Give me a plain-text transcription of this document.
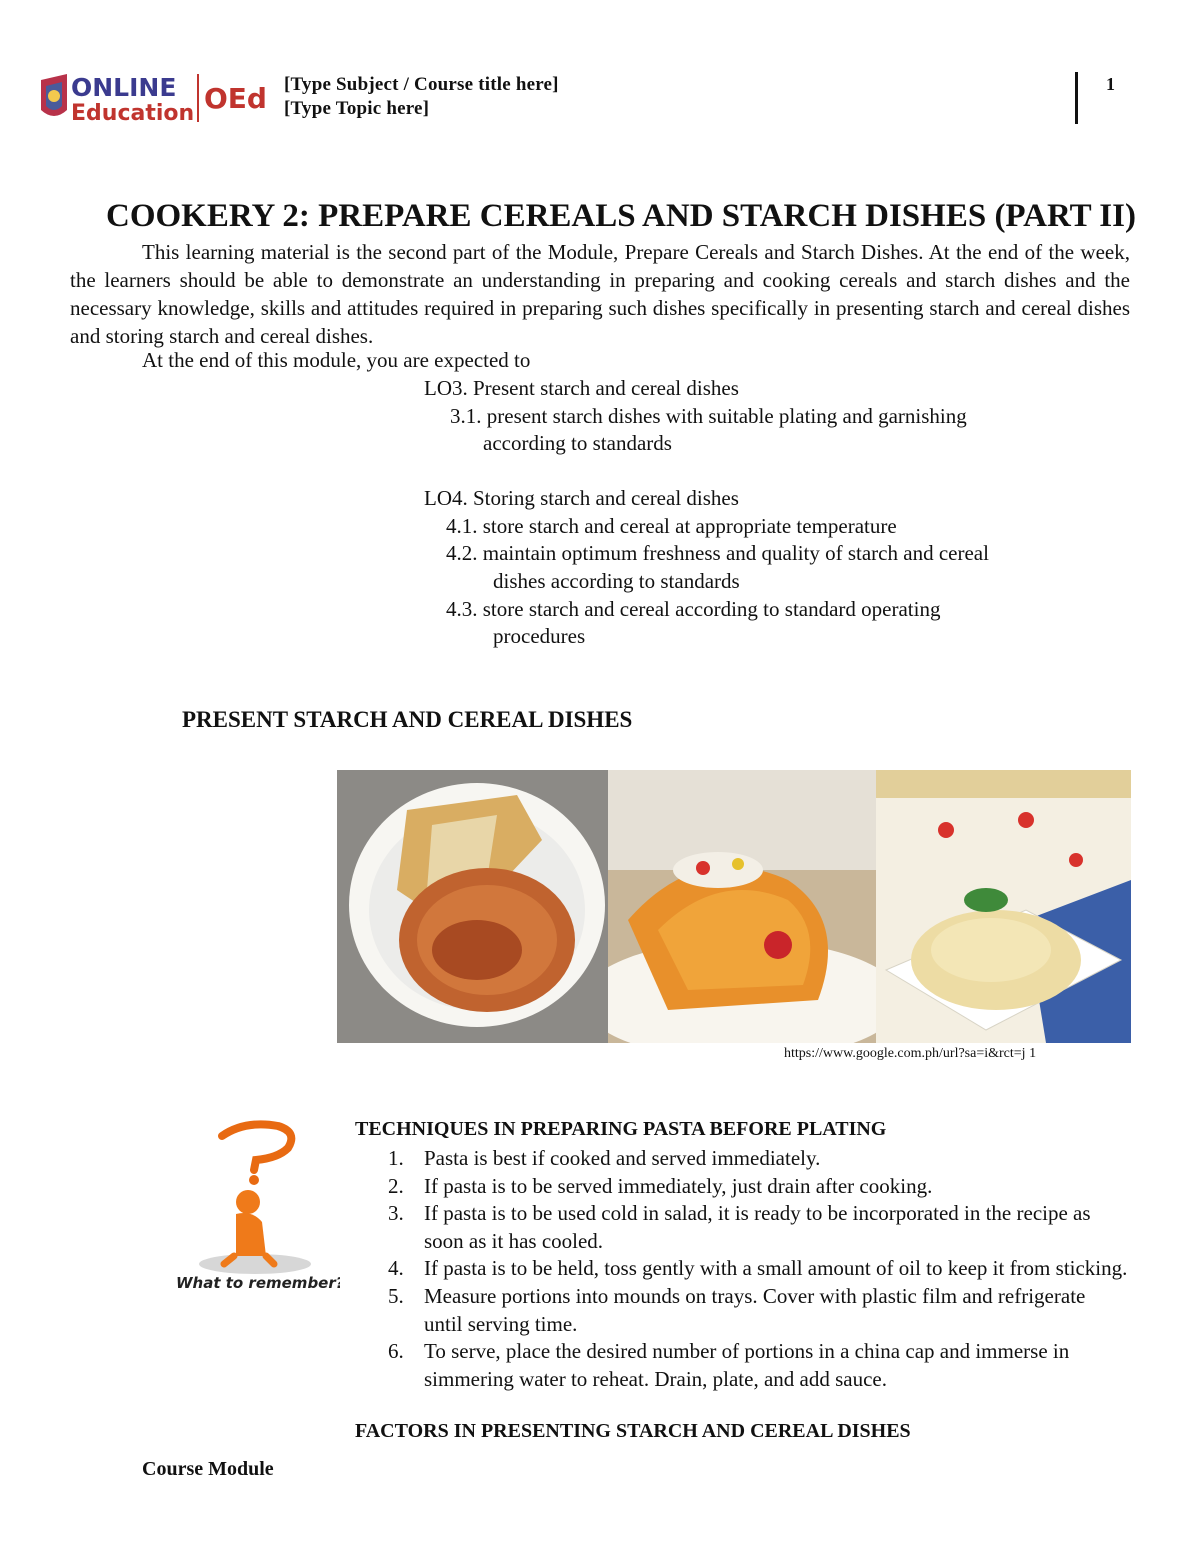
ONLINE
Education OEd [Type Subject / Course title here]
[Type Topic here]
1
COOKERY 2: PREPARE CEREALS AND STARCH DISHES (PART II)
This learning material is the second part of the Module, Prepare Cereals and Starch Dishes. At the end of the week, the learners should be able to demonstrate an understanding in preparing and cooking cereals and starch dishes and the necessary knowledge, skills and attitudes required in preparing such dishes specifically in presenting starch and cereal dishes and storing starch and cereal dishes.
At the end of this module, you are expected to
LO3. Present starch and cereal dishes
3.1. present starch dishes with suitable plating and garnishing
according to standards
LO4. Storing starch and cereal dishes
4.1. store starch and cereal at appropriate temperature
4.2. maintain optimum freshness and quality of starch and cereal
dishes according to standards
4.3. store starch and cereal according to standard operating
procedures
PRESENT STARCH AND CEREAL DISHES
https://www.google.com.ph/url?sa=i&rct=j 1
What to remember?
TECHNIQUES IN PREPARING PASTA BEFORE PLATING
1. Pasta is best if cooked and served immediately.
2. If pasta is to be served immediately, just drain after cooking.
3. If pasta is to be used cold in salad, it is ready to be incorporated in the recipe as soon as it has cooled.
4. If pasta is to be held, toss gently with a small amount of oil to keep it from sticking.
5. Measure portions into mounds on trays. Cover with plastic film and refrigerate until serving time.
6. To serve, place the desired number of portions in a china cap and immerse in simmering water to reheat. Drain, plate, and add sauce.
FACTORS IN PRESENTING STARCH AND CEREAL DISHES
Course Module
